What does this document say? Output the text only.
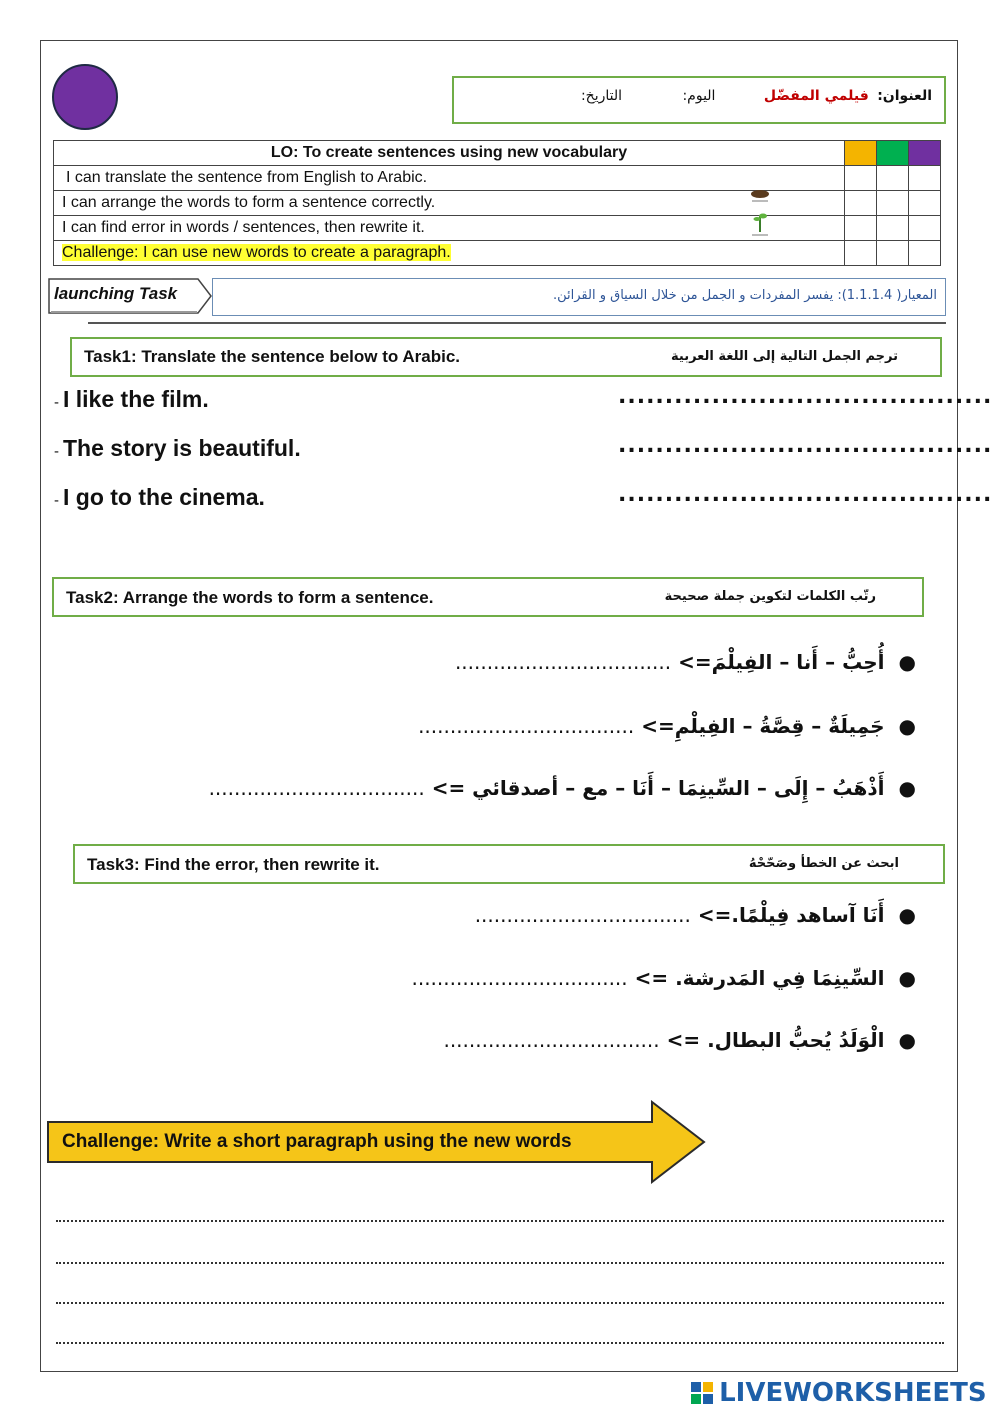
العنوان: فيلمي المفضّل اليوم: التاريخ:
LO: To create sentences using new vocabulary			
I can translate the sentence from English to Arabic.			
I can arrange the words to form a sentence correctly.			
I can find error in words / sentences, then rewrite it.			
Challenge: I can use new words to create a paragraph.			
launching Task	المعيار( 1.1.1.4): يفسر المفردات و الجمل من خلال السياق و القرائن.
Task1: Translate the sentence below to Arabic.	ترجم الجمل التالية إلى اللغة العربية
- I like the film.	........................................
- The story is beautiful.	........................................
- I go to the cinema.	........................................
Task2: Arrange the words to form a sentence.	رتّب الكلمات لتكوين جملة صحيحة
●أُحِبُّ – أَنا – الفِيلْمَ=> ..................................
●جَمِيلَةٌ – قِصَّةُ – الفِيلْمِ=> ..................................
●أَذْهَبُ – إِلَى – السِّينِمَا – أَنَا – مع – أصدقائي => ..................................
Task3: Find the error, then rewrite it.	ابحث عن الخطأ وصَحّحْهُ
●أَنَا آساهد فِيلْمًا.=> ..................................
●السِّينِمَا فِي المَدرشة. => ..................................
●الْوَلَدُ يُحبُّ البطال. => ..................................
Challenge: Write a short paragraph using the new words
LIVEWORKSHEETS
